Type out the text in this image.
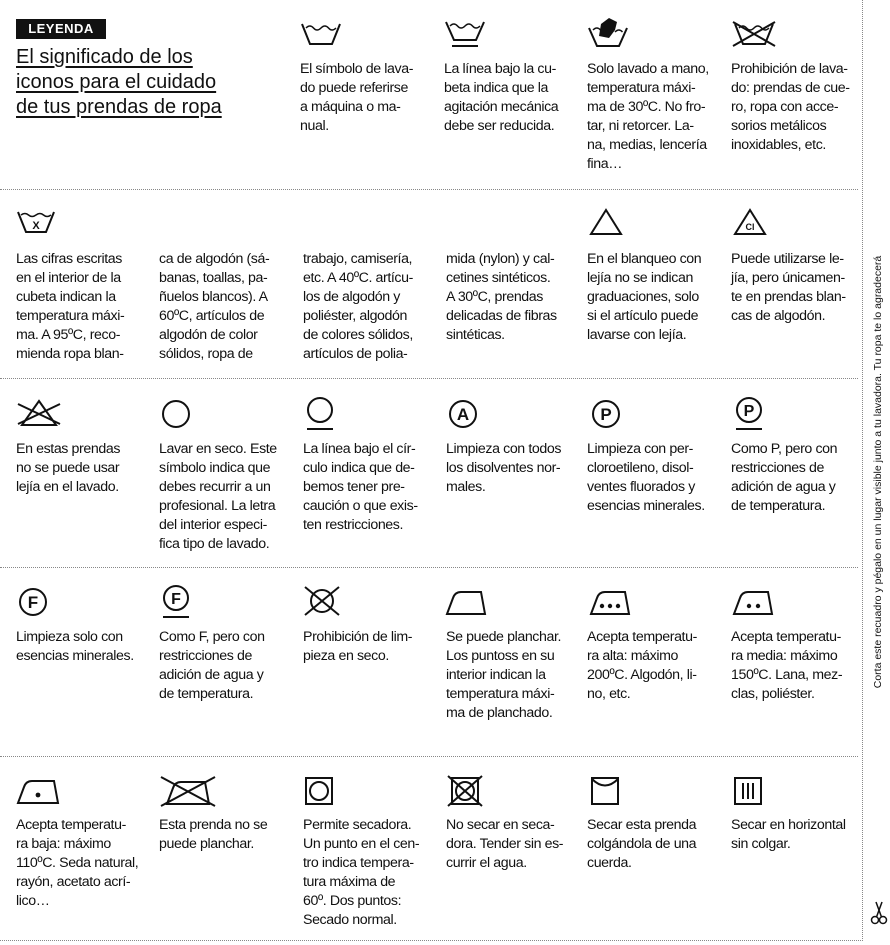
LEYENDA
El significado de los
iconos para el cuidado
de tus prendas de ropa
El símbolo de lava-
do puede referirse
a máquina o ma-
nual.
La línea bajo la cu-
beta indica que la
agitación mecánica
debe ser reducida.
Solo lavado a mano,
temperatura máxi-
ma de 30ºC. No fro-
tar, ni retorcer. La-
na, medias, lencería
fina…
Prohibición de lava-
do: prendas de cue-
ro, ropa con acce-
sorios metálicos
inoxidables, etc.
X
Las cifras escritas
en el interior de la
cubeta indican la
temperatura máxi-
ma. A 95ºC, reco-
mienda ropa blan-
ca de algodón (sá-
banas, toallas, pa-
ñuelos blancos). A
60ºC, artículos de
algodón de color
sólidos, ropa de
trabajo, camisería,
etc. A 40ºC. artícu-
los de algodón y
poliéster, algodón
de colores sólidos,
artículos de polia-
mida (nylon) y cal-
cetines sintéticos.
A 30ºC, prendas
delicadas de fibras
sintéticas.
En el blanqueo con
lejía no se indican
graduaciones, solo
si el artículo puede
lavarse con lejía.
Cl
Puede utilizarse le-
jía, pero únicamen-
te en prendas blan-
cas de algodón.
En estas prendas
no se puede usar
lejía en el lavado.
Lavar en seco. Este
símbolo indica que
debes recurrir a un
profesional. La letra
del interior especi-
fica tipo de lavado.
La línea bajo el cír-
culo indica que de-
bemos tener pre-
caución o que exis-
ten restricciones.
A
Limpieza con todos
los disolventes nor-
males.
P
Limpieza con per-
cloroetileno, disol-
ventes fluorados y
esencias minerales.
P
Como P, pero con
restricciones de
adición de agua y
de temperatura.
F
Limpieza solo con
esencias minerales.
F
Como F, pero con
restricciones de
adición de agua y
de temperatura.
Prohibición de lim-
pieza en seco.
Se puede planchar.
Los puntoss en su
interior indican la
temperatura máxi-
ma de planchado.
Acepta temperatu-
ra alta: máximo
200ºC. Algodón, li-
no, etc.
Acepta temperatu-
ra media: máximo
150ºC. Lana, mez-
clas, poliéster.
Acepta temperatu-
ra baja: máximo
110ºC. Seda natural,
rayón, acetato acrí-
lico…
Esta prenda no se
puede planchar.
Permite secadora.
Un punto en el cen-
tro indica tempera-
tura máxima de
60º. Dos puntos:
Secado normal.
No secar en seca-
dora. Tender sin es-
currir el agua.
Secar esta prenda
colgándola de una
cuerda.
Secar en horizontal
sin colgar.
Corta este recuadro y pégalo en un lugar visible junto a tu lavadora. Tu ropa te lo agradecerá
